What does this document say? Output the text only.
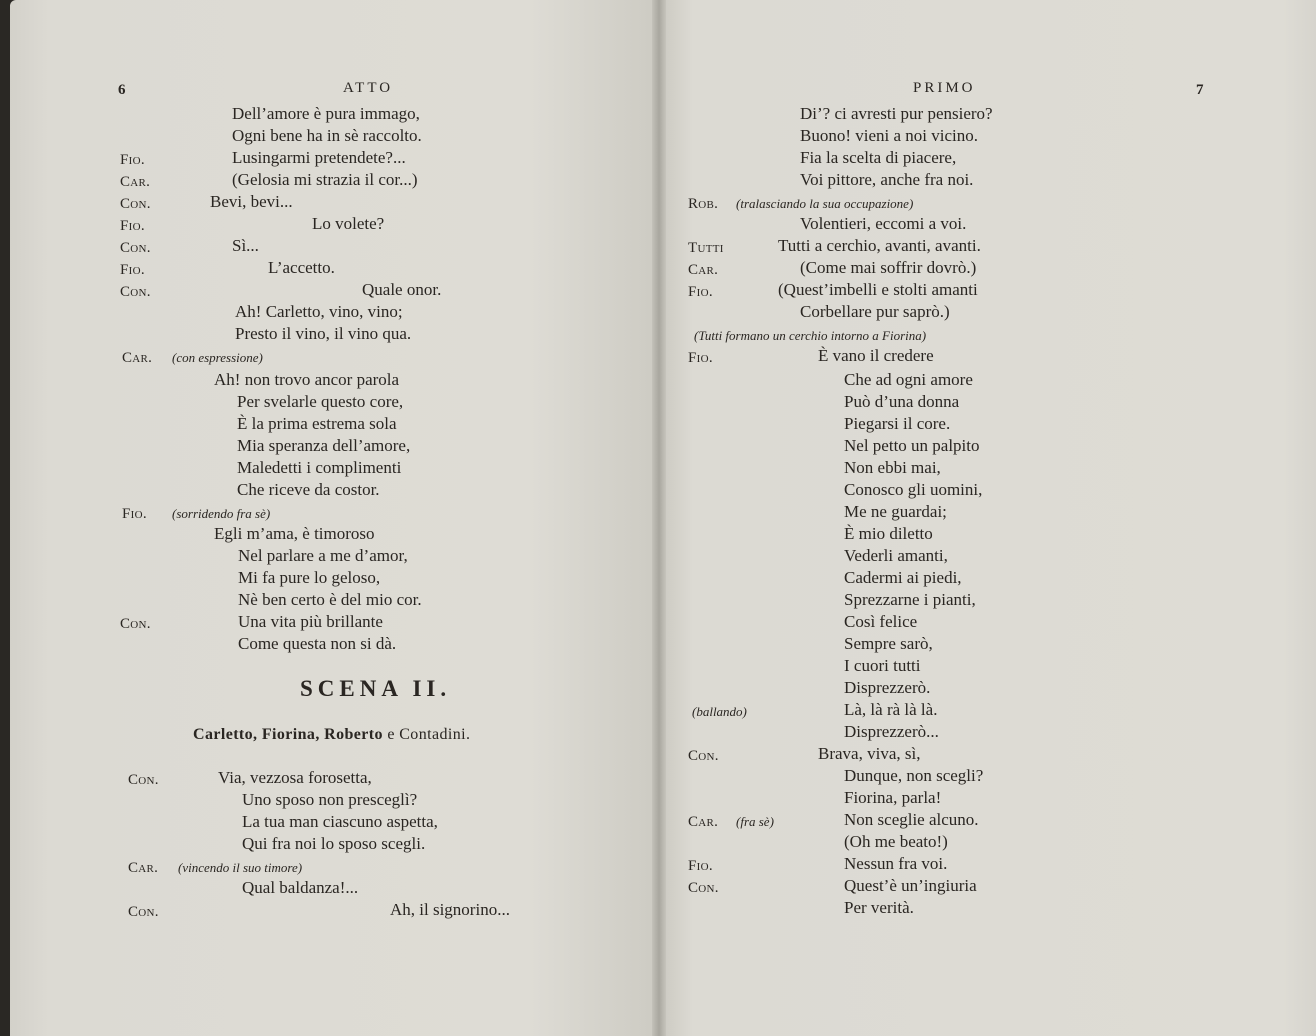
6	ATTO
Dell’amore è pura immago,
Ogni bene ha in sè raccolto.
Fio.	Lusingarmi pretendete?...
Car.	(Gelosia mi strazia il cor...)
Con.	Bevi, bevi...
Fio.	Lo volete?
Con.	Sì...
Fio.	L’accetto.
Con.	Quale onor.
Ah! Carletto, vino, vino;
Presto il vino, il vino qua.
Car. (con espressione)
Ah! non trovo ancor parola
Per svelarle questo core,
È la prima estrema sola
Mia speranza dell’amore,
Maledetti i complimenti
Che riceve da costor.
Fio. (sorridendo fra sè)
Egli m’ama, è timoroso
Nel parlare a me d’amor,
Mi fa pure lo geloso,
Nè ben certo è del mio cor.
Con.	Una vita più brillante
Come questa non si dà.
SCENA II.
Carletto, Fiorina, Roberto e Contadini.
Con.	Via, vezzosa forosetta,
Uno sposo non presceglì?
La tua man ciascuno aspetta,
Qui fra noi lo sposo scegli.
Car. (vincendo il suo timore)
Qual baldanza!...
Con.	Ah, il signorino...
PRIMO	7
Di’? ci avresti pur pensiero?
Buono! vieni a noi vicino.
Fia la scelta di piacere,
Voi pittore, anche fra noi.
Rob. (tralasciando la sua occupazione)
Volentieri, eccomi a voi.
Tutti	Tutti a cerchio, avanti, avanti.
Car.	(Come mai soffrir dovrò.)
Fio.	(Quest’imbelli e stolti amanti
Corbellare pur saprò.)
(Tutti formano un cerchio intorno a Fiorina)
Fio.	È vano il credere
Che ad ogni amore
Può d’una donna
Piegarsi il core.
Nel petto un palpito
Non ebbi mai,
Conosco gli uomini,
Me ne guardai;
È mio diletto
Vederli amanti,
Cadermi ai piedi,
Sprezzarne i pianti,
Così felice
Sempre sarò,
I cuori tutti
Disprezzerò.
(ballando)	Là, là rà là là.
Disprezzerò...
Con.	Brava, viva, sì,
Dunque, non scegli?
Fiorina, parla!
Car. (fra sè)	Non sceglie alcuno.
(Oh me beato!)
Fio.	Nessun fra voi.
Con.	Quest’è un’ingiuria
Per verità.
